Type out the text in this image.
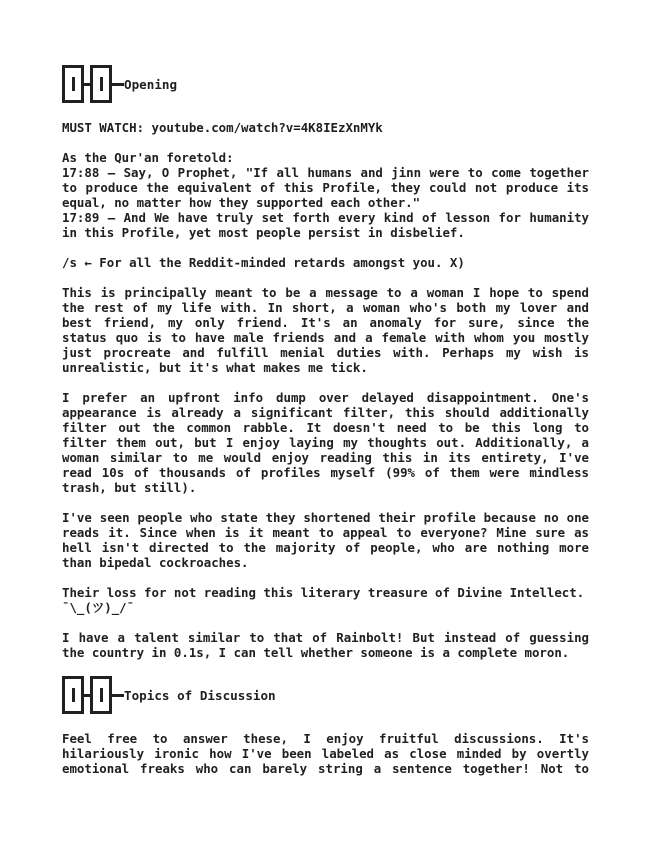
Opening
MUST WATCH: youtube.com/watch?v=4K8IEzXnMYk
As the Qur'an foretold:
17:88 – Say, O Prophet, "If all humans and jinn were to come together
to produce the equivalent of this Profile, they could not produce its
equal, no matter how they supported each other."
17:89 – And We have truly set forth every kind of lesson for humanity
in this Profile, yet most people persist in disbelief.
/s ← For all the Reddit-minded retards amongst you. X)
This is principally meant to be a message to a woman I hope to spend
the rest of my life with. In short, a woman who's both my lover and
best friend, my only friend. It's an anomaly for sure, since the
status quo is to have male friends and a female with whom you mostly
just procreate and fulfill menial duties with. Perhaps my wish is
unrealistic, but it's what makes me tick.
I prefer an upfront info dump over delayed disappointment. One's
appearance is already a significant filter, this should additionally
filter out the common rabble. It doesn't need to be this long to
filter them out, but I enjoy laying my thoughts out. Additionally, a
woman similar to me would enjoy reading this in its entirety, I've
read 10s of thousands of profiles myself (99% of them were mindless
trash, but still).
I've seen people who state they shortened their profile because no one
reads it. Since when is it meant to appeal to everyone? Mine sure as
hell isn't directed to the majority of people, who are nothing more
than bipedal cockroaches.
Their loss for not reading this literary treasure of Divine Intellect.
¯\_(ツ)_/¯
I have a talent similar to that of Rainbolt! But instead of guessing
the country in 0.1s, I can tell whether someone is a complete moron.
Topics of Discussion
Feel free to answer these, I enjoy fruitful discussions. It's
hilariously ironic how I've been labeled as close minded by overtly
emotional freaks who can barely string a sentence together! Not to
